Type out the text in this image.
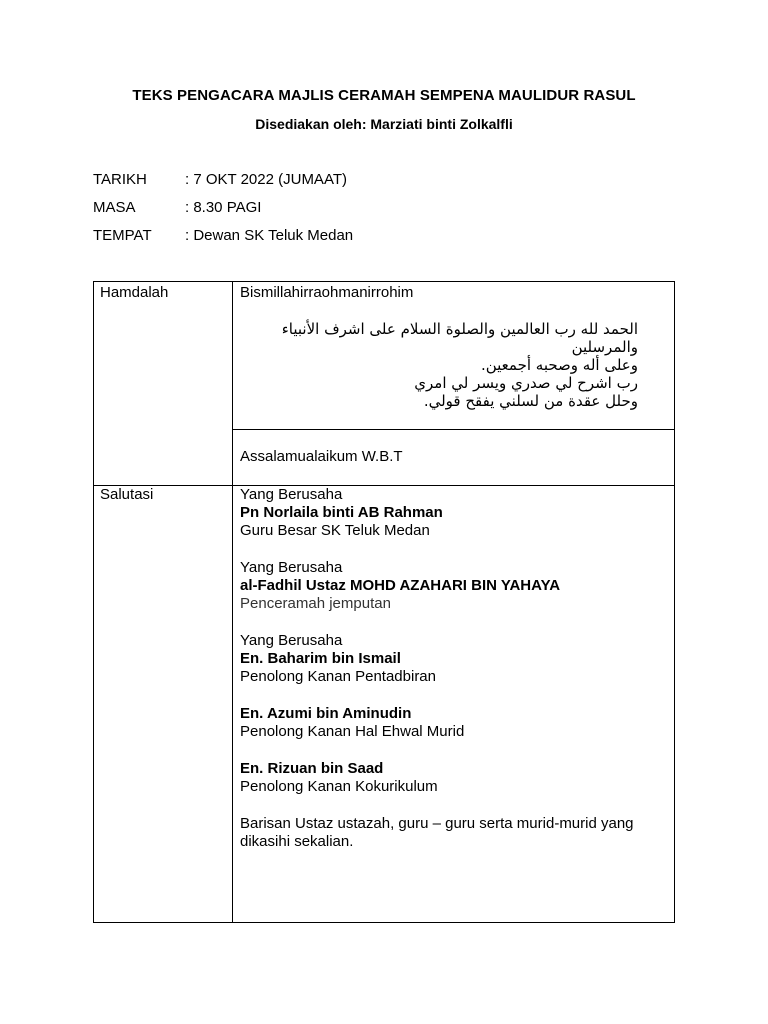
TEKS PENGACARA MAJLIS CERAMAH SEMPENA MAULIDUR RASUL
Disediakan oleh: Marziati binti Zolkalfli
TARIKH	: 7 OKT 2022 (JUMAAT)
MASA	: 8.30 PAGI
TEMPAT : Dewan SK Teluk Medan
Hamdalah	Bismillahirraohmanirrohim
الحمد لله رب العالمين والصلوة السلام على اشرف الأنبياء والمرسلين
وعلى أله وصحبه أجمعين.
رب اشرح لي صدري ويسر لي امري
وحلل عقدة من لسلني يفقح قولي.
Assalamualaikum W.B.T
Salutasi	Yang Berusaha
Pn Norlaila binti AB Rahman
Guru Besar SK Teluk Medan
Yang Berusaha
al-Fadhil Ustaz MOHD AZAHARI BIN YAHAYA
Penceramah jemputan
Yang Berusaha
En. Baharim bin Ismail
Penolong Kanan Pentadbiran
En. Azumi bin Aminudin
Penolong Kanan Hal Ehwal Murid
En. Rizuan bin Saad
Penolong Kanan Kokurikulum
Barisan Ustaz ustazah, guru – guru serta murid-murid yang dikasihi sekalian.
